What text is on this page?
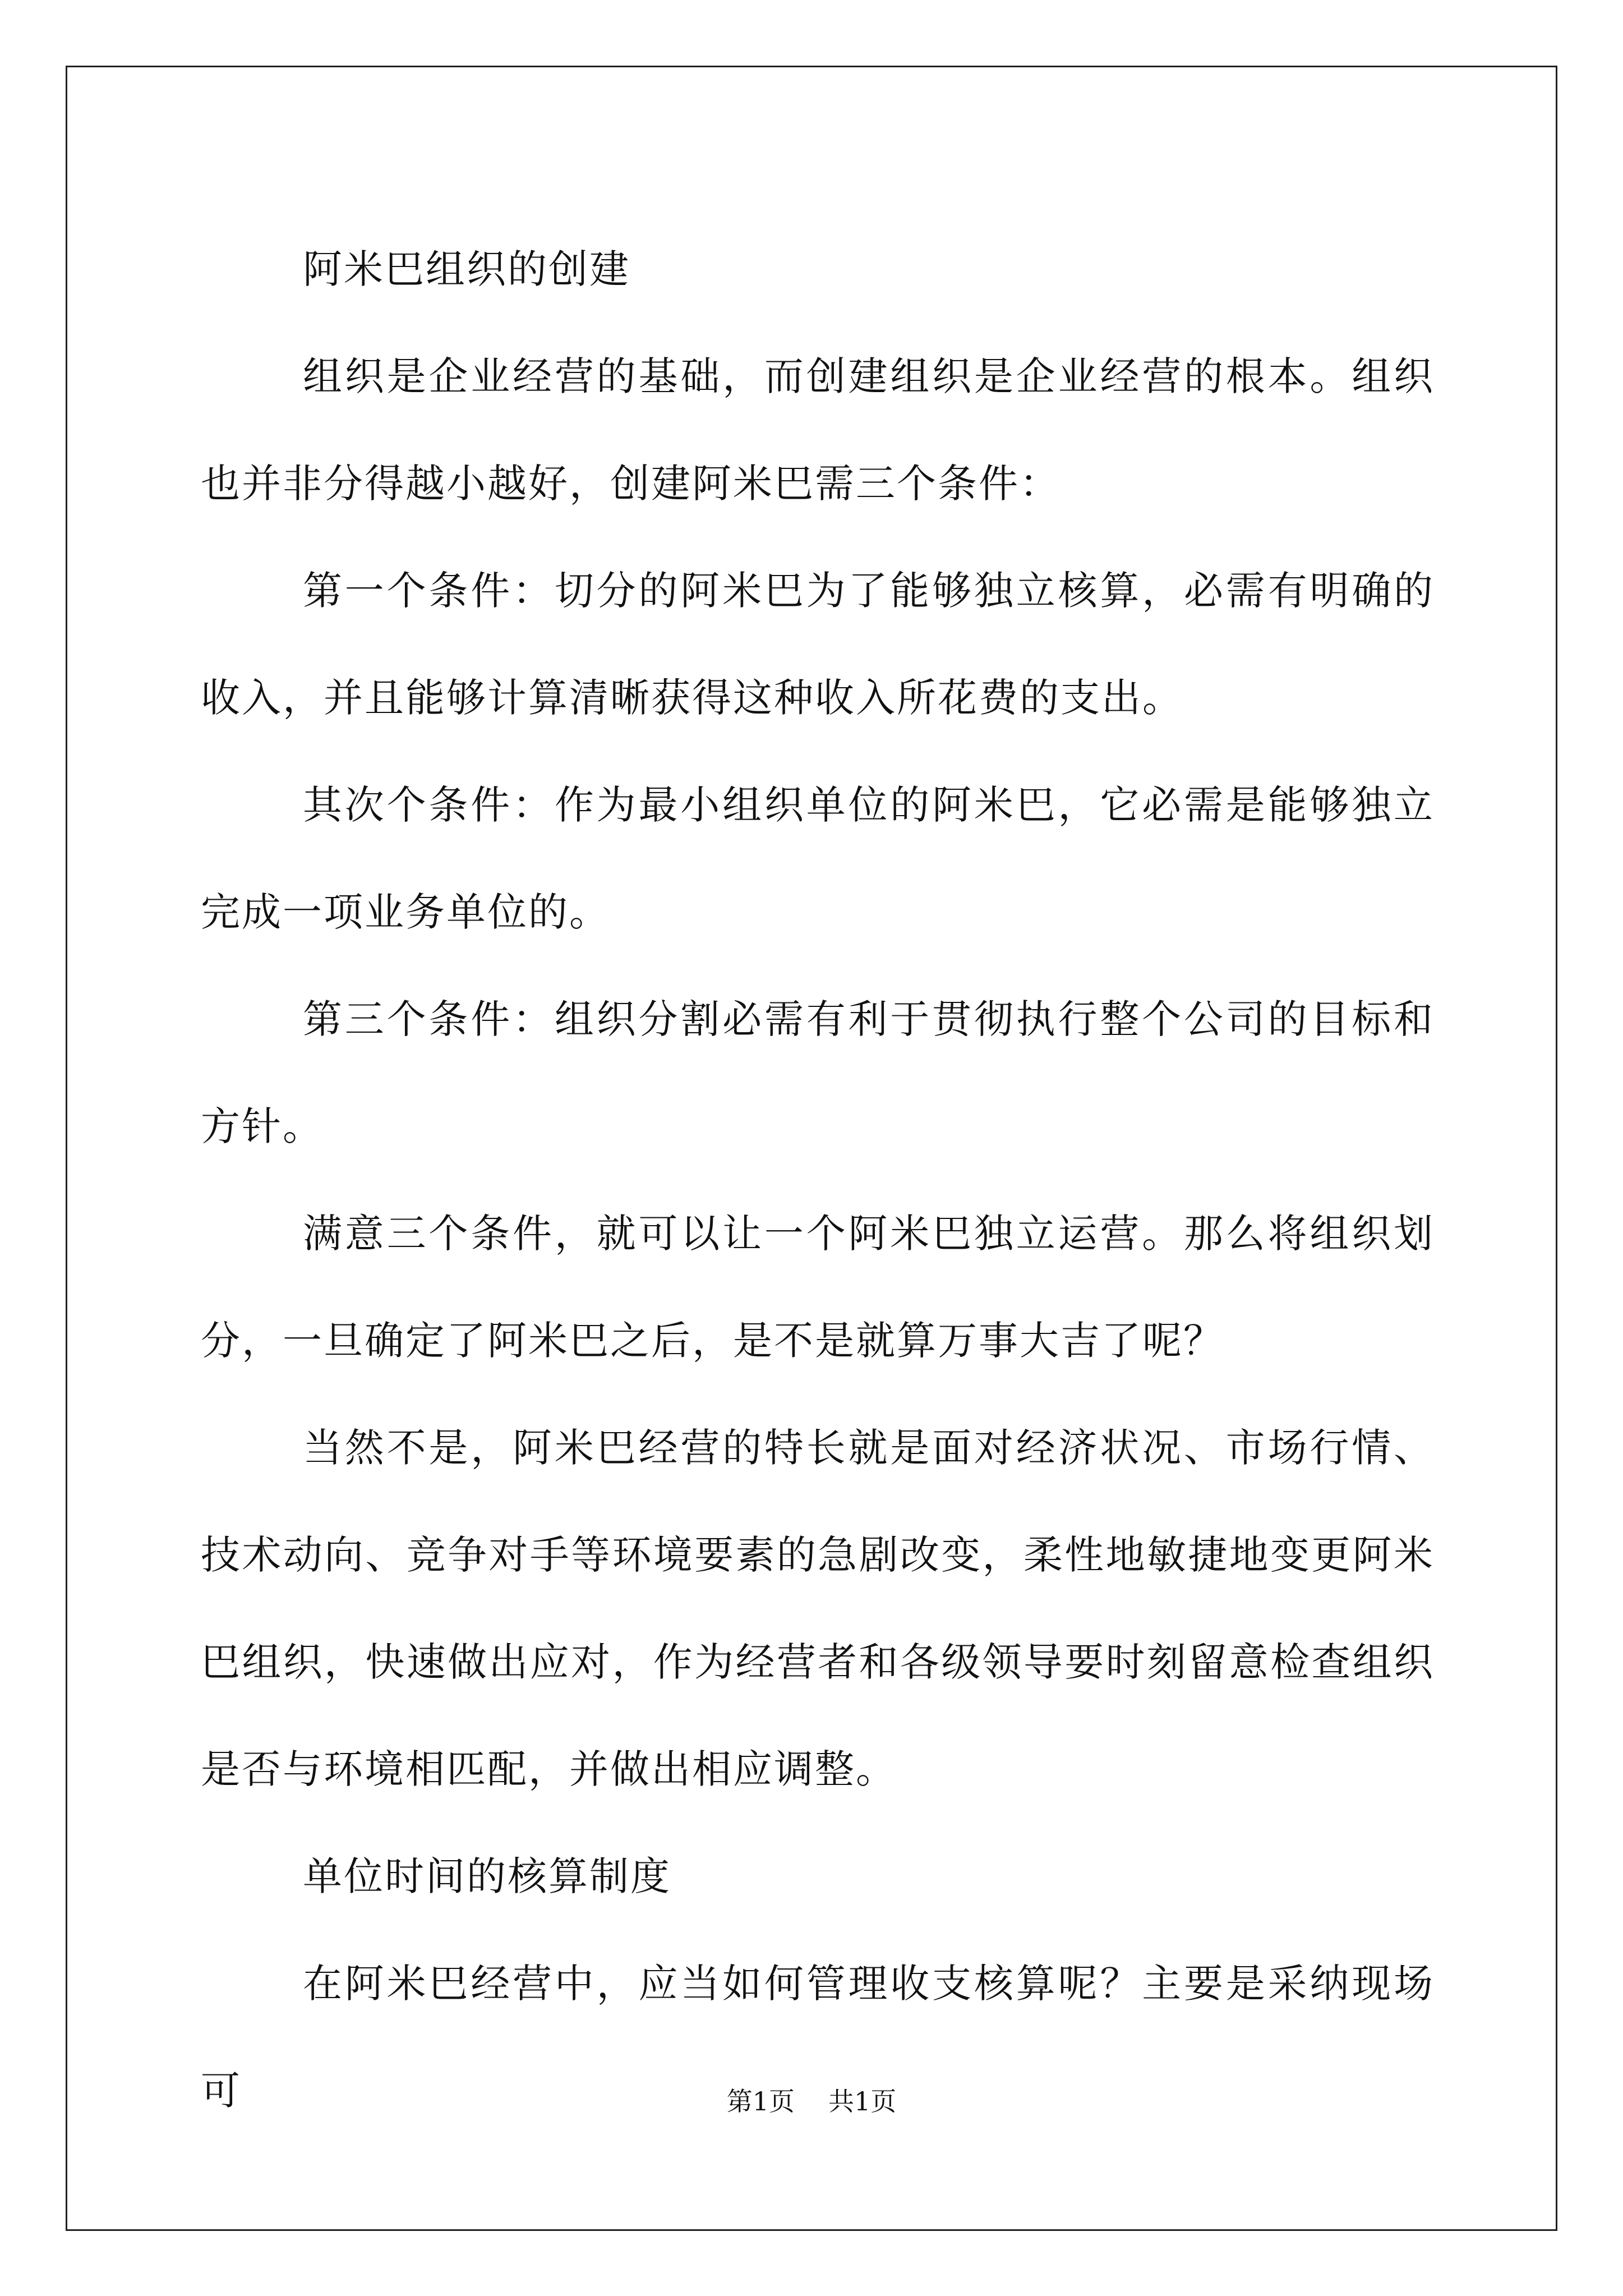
阿米巴组织的创建

组织是企业经营的基础，而创建组织是企业经营的根本。组织也并非分得越小越好，创建阿米巴需三个条件：

第一个条件：切分的阿米巴为了能够独立核算，必需有明确的收入，并且能够计算清晰获得这种收入所花费的支出。

其次个条件：作为最小组织单位的阿米巴，它必需是能够独立完成一项业务单位的。

第三个条件：组织分割必需有利于贯彻执行整个公司的目标和方针。

满意三个条件，就可以让一个阿米巴独立运营。那么将组织划分，一旦确定了阿米巴之后，是不是就算万事大吉了呢？

当然不是，阿米巴经营的特长就是面对经济状况、市场行情、技术动向、竞争对手等环境要素的急剧改变，柔性地敏捷地变更阿米巴组织，快速做出应对，作为经营者和各级领导要时刻留意检查组织是否与环境相匹配，并做出相应调整。

单位时间的核算制度

在阿米巴经营中，应当如何管理收支核算呢？主要是采纳现场可	第1页 共1页
